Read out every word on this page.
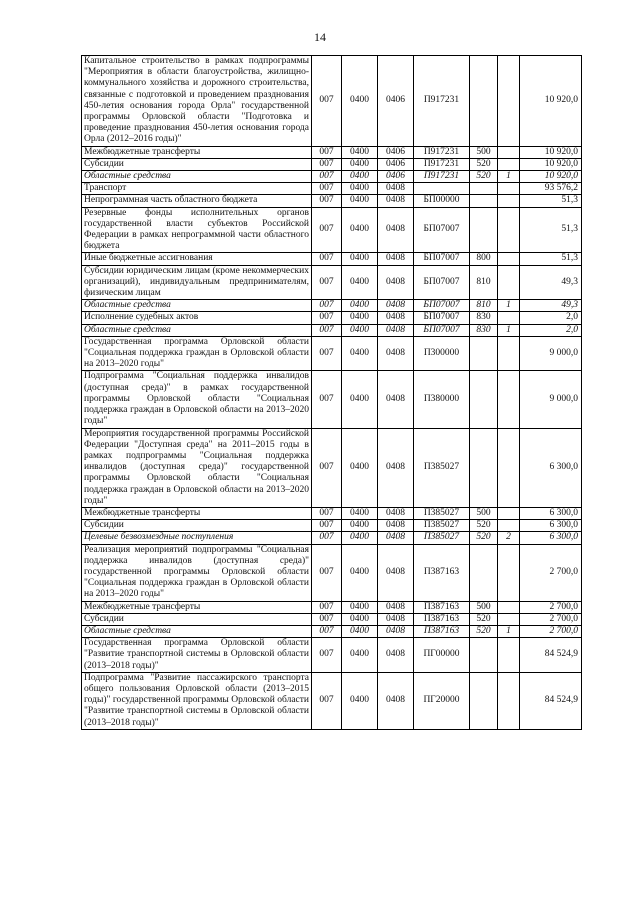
14
Капитальное строительство в рамках подпрограммы "Мероприятия в области благоустройства, жилищно-коммунального хозяйства и дорожного строительства, связанные с подготовкой и проведением празднования 450-летия основания города Орла" государственной программы Орловской области "Подготовка и проведение празднования 450-летия основания города Орла (2012–2016 годы)"	007	0400	0406	П917231			10 920,0
Межбюджетные трансферты	007	0400	0406	П917231	500		10 920,0
Субсидии	007	0400	0406	П917231	520		10 920,0
Областные средства	007	0400	0406	П917231	520	1	10 920,0
Транспорт	007	0400	0408				93 576,2
Непрограммная часть областного бюджета	007	0400	0408	БП00000			51,3
Резервные фонды исполнительных органов государственной власти субъектов Российской Федерации в рамках непрограммной части областного бюджета	007	0400	0408	БП07007			51,3
Иные бюджетные ассигнования	007	0400	0408	БП07007	800		51,3
Субсидии юридическим лицам (кроме некоммерческих организаций), индивидуальным предпринимателям, физическим лицам	007	0400	0408	БП07007	810		49,3
Областные средства	007	0400	0408	БП07007	810	1	49,3
Исполнение судебных актов	007	0400	0408	БП07007	830		2,0
Областные средства	007	0400	0408	БП07007	830	1	2,0
Государственная программа Орловской области "Социальная поддержка граждан в Орловской области на 2013–2020 годы"	007	0400	0408	П300000			9 000,0
Подпрограмма "Социальная поддержка инвалидов (доступная среда)" в рамках государственной программы Орловской области "Социальная поддержка граждан в Орловской области на 2013–2020 годы"	007	0400	0408	П380000			9 000,0
Мероприятия государственной программы Российской Федерации "Доступная среда" на 2011–2015 годы в рамках подпрограммы "Социальная поддержка инвалидов (доступная среда)" государственной программы Орловской области "Социальная поддержка граждан в Орловской области на 2013–2020 годы"	007	0400	0408	П385027			6 300,0
Межбюджетные трансферты	007	0400	0408	П385027	500		6 300,0
Субсидии	007	0400	0408	П385027	520		6 300,0
Целевые безвозмездные поступления	007	0400	0408	П385027	520	2	6 300,0
Реализация мероприятий подпрограммы "Социальная поддержка инвалидов (доступная среда)" государственной программы Орловской области "Социальная поддержка граждан в Орловской области на 2013–2020 годы"	007	0400	0408	П387163			2 700,0
Межбюджетные трансферты	007	0400	0408	П387163	500		2 700,0
Субсидии	007	0400	0408	П387163	520		2 700,0
Областные средства	007	0400	0408	П387163	520	1	2 700,0
Государственная программа Орловской области "Развитие транспортной системы в Орловской области (2013–2018 годы)"	007	0400	0408	ПГ00000			84 524,9
Подпрограмма "Развитие пассажирского транспорта общего пользования Орловской области (2013–2015 годы)" государственной программы Орловской области "Развитие транспортной системы в Орловской области (2013–2018 годы)"	007	0400	0408	ПГ20000			84 524,9
